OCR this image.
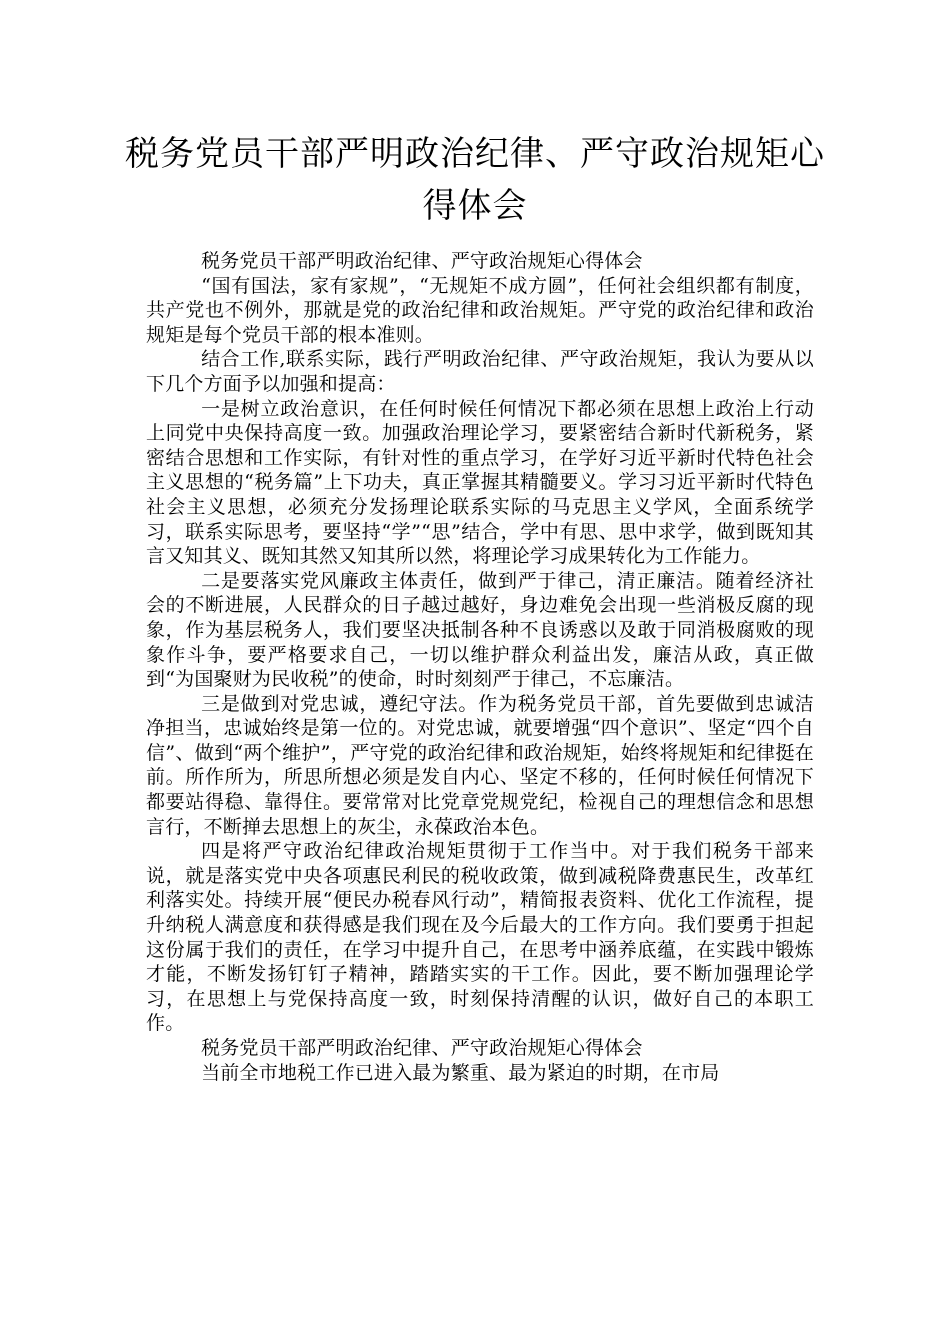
税务党员干部严明政治纪律、严守政治规矩心得体会

税务党员干部严明政治纪律、严守政治规矩心得体会

“国有国法，家有家规”，“无规矩不成方圆”，任何社会组织都有制度，共产党也不例外，那就是党的政治纪律和政治规矩。严守党的政治纪律和政治规矩是每个党员干部的根本准则。

结合工作,联系实际，践行严明政治纪律、严守政治规矩，我认为要从以下几个方面予以加强和提高：

一是树立政治意识，在任何时候任何情况下都必须在思想上政治上行动上同党中央保持高度一致。加强政治理论学习，要紧密结合新时代新税务，紧密结合思想和工作实际，有针对性的重点学习，在学好习近平新时代特色社会主义思想的“税务篇”上下功夫，真正掌握其精髓要义。学习习近平新时代特色社会主义思想，必须充分发扬理论联系实际的马克思主义学风，全面系统学习，联系实际思考，要坚持“学”“思”结合，学中有思、思中求学，做到既知其言又知其义、既知其然又知其所以然，将理论学习成果转化为工作能力。

二是要落实党风廉政主体责任，做到严于律己，清正廉洁。随着经济社会的不断进展，人民群众的日子越过越好，身边难免会出现一些消极反腐的现象，作为基层税务人，我们要坚决抵制各种不良诱惑以及敢于同消极腐败的现象作斗争，要严格要求自己，一切以维护群众利益出发，廉洁从政，真正做到“为国聚财为民收税”的使命，时时刻刻严于律己，不忘廉洁。

三是做到对党忠诚，遵纪守法。作为税务党员干部，首先要做到忠诚洁净担当，忠诚始终是第一位的。对党忠诚，就要增强“四个意识”、坚定“四个自信”、做到“两个维护”，严守党的政治纪律和政治规矩，始终将规矩和纪律挺在前。所作所为，所思所想必须是发自内心、坚定不移的，任何时候任何情况下都要站得稳、靠得住。要常常对比党章党规党纪，检视自己的理想信念和思想言行，不断掸去思想上的灰尘，永葆政治本色。

四是将严守政治纪律政治规矩贯彻于工作当中。对于我们税务干部来说，就是落实党中央各项惠民利民的税收政策，做到减税降费惠民生，改革红利落实处。持续开展“便民办税春风行动”，精简报表资料、优化工作流程，提升纳税人满意度和获得感是我们现在及今后最大的工作方向。我们要勇于担起这份属于我们的责任，在学习中提升自己，在思考中涵养底蕴，在实践中锻炼才能，不断发扬钉钉子精神，踏踏实实的干工作。因此，要不断加强理论学习，在思想上与党保持高度一致，时刻保持清醒的认识，做好自己的本职工作。

税务党员干部严明政治纪律、严守政治规矩心得体会

当前全市地税工作已进入最为繁重、最为紧迫的时期，在市局
